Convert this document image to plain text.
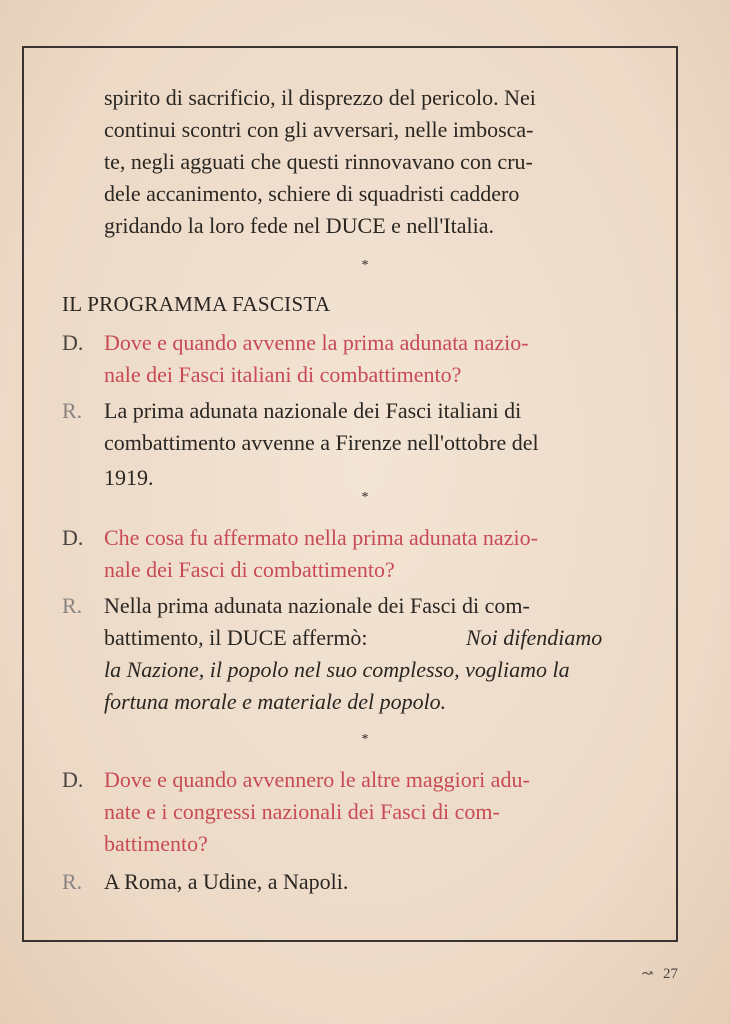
spirito di sacrificio, il disprezzo del pericolo. Nei
continui scontri con gli avversari, nelle imbosca-
te, negli agguati che questi rinnovavano con cru-
dele accanimento, schiere di squadristi caddero
gridando la loro fede nel DUCE e nell'Italia.
*
IL PROGRAMMA FASCISTA
D. Dove e quando avvenne la prima adunata nazio-
nale dei Fasci italiani di combattimento?
R. La prima adunata nazionale dei Fasci italiani di
combattimento avvenne a Firenze nell'ottobre del
1919.
*
D. Che cosa fu affermato nella prima adunata nazio-
nale dei Fasci di combattimento?
R. Nella prima adunata nazionale dei Fasci di com-
battimento, il DUCE affermò:	Noi difendiamo
la Nazione, il popolo nel suo complesso, vogliamo la
fortuna morale e materiale del popolo.
*
D. Dove e quando avvennero le altre maggiori adu-
nate e i congressi nazionali dei Fasci di com-
battimento?
R. A Roma, a Udine, a Napoli.
↝ 27
